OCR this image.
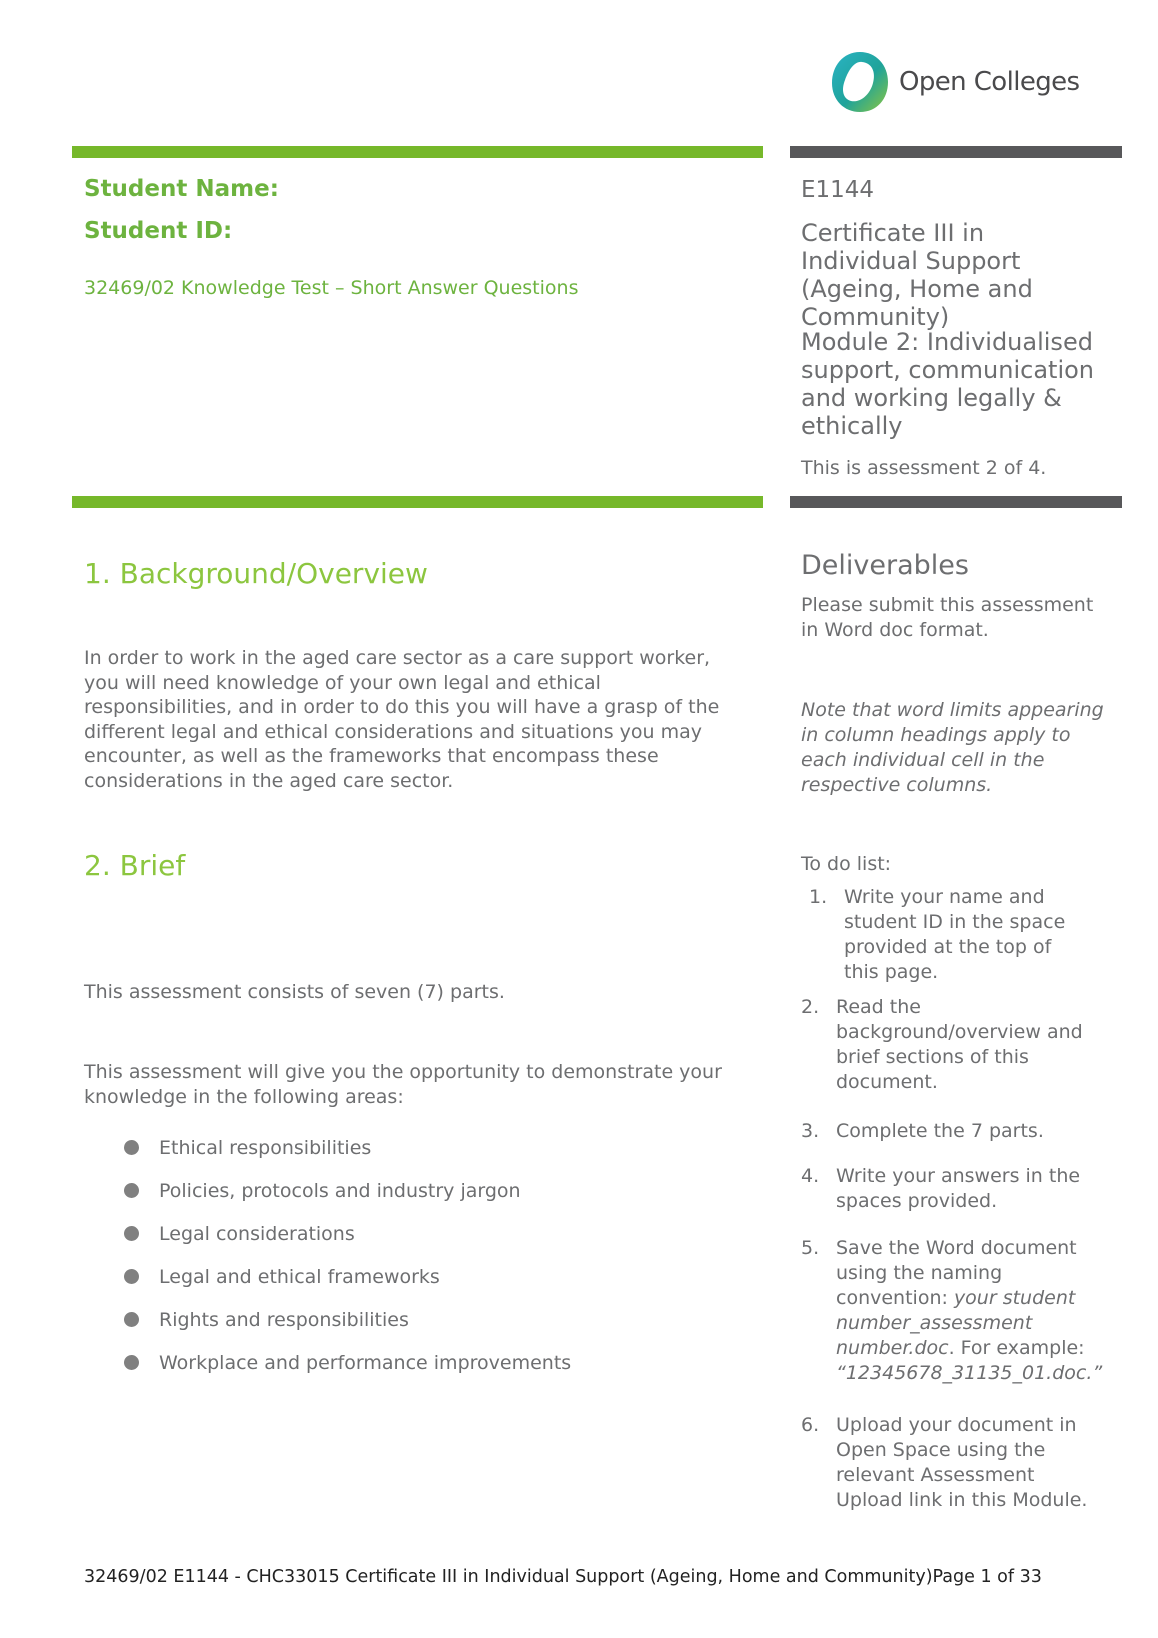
Open Colleges
Student Name:
Student ID:
32469/02 Knowledge Test – Short Answer Questions
E1144
Certificate III in Individual Support (Ageing, Home and Community)
Module 2: Individualised support, communication and working legally & ethically
This is assessment 2 of 4.
1. Background/Overview
In order to work in the aged care sector as a care support worker, you will need knowledge of your own legal and ethical responsibilities, and in order to do this you will have a grasp of the different legal and ethical considerations and situations you may encounter, as well as the frameworks that encompass these considerations in the aged care sector.
2. Brief
This assessment consists of seven (7) parts.
This assessment will give you the opportunity to demonstrate your knowledge in the following areas:
Ethical responsibilities
Policies, protocols and industry jargon
Legal considerations
Legal and ethical frameworks
Rights and responsibilities
Workplace and performance improvements
Deliverables
Please submit this assessment in Word doc format.
Note that word limits appearing in column headings apply to each individual cell in the respective columns.
To do list:
1. Write your name and student ID in the space provided at the top of this page.
2. Read the background/overview and brief sections of this document.
3. Complete the 7 parts.
4. Write your answers in the spaces provided.
5. Save the Word document using the naming convention: your student number_assessment number.doc. For example: “12345678_31135_01.doc.”
6. Upload your document in Open Space using the relevant Assessment Upload link in this Module.
32469/02 E1144 - CHC33015 Certificate III in Individual Support (Ageing, Home and Community)Page 1 of 33
